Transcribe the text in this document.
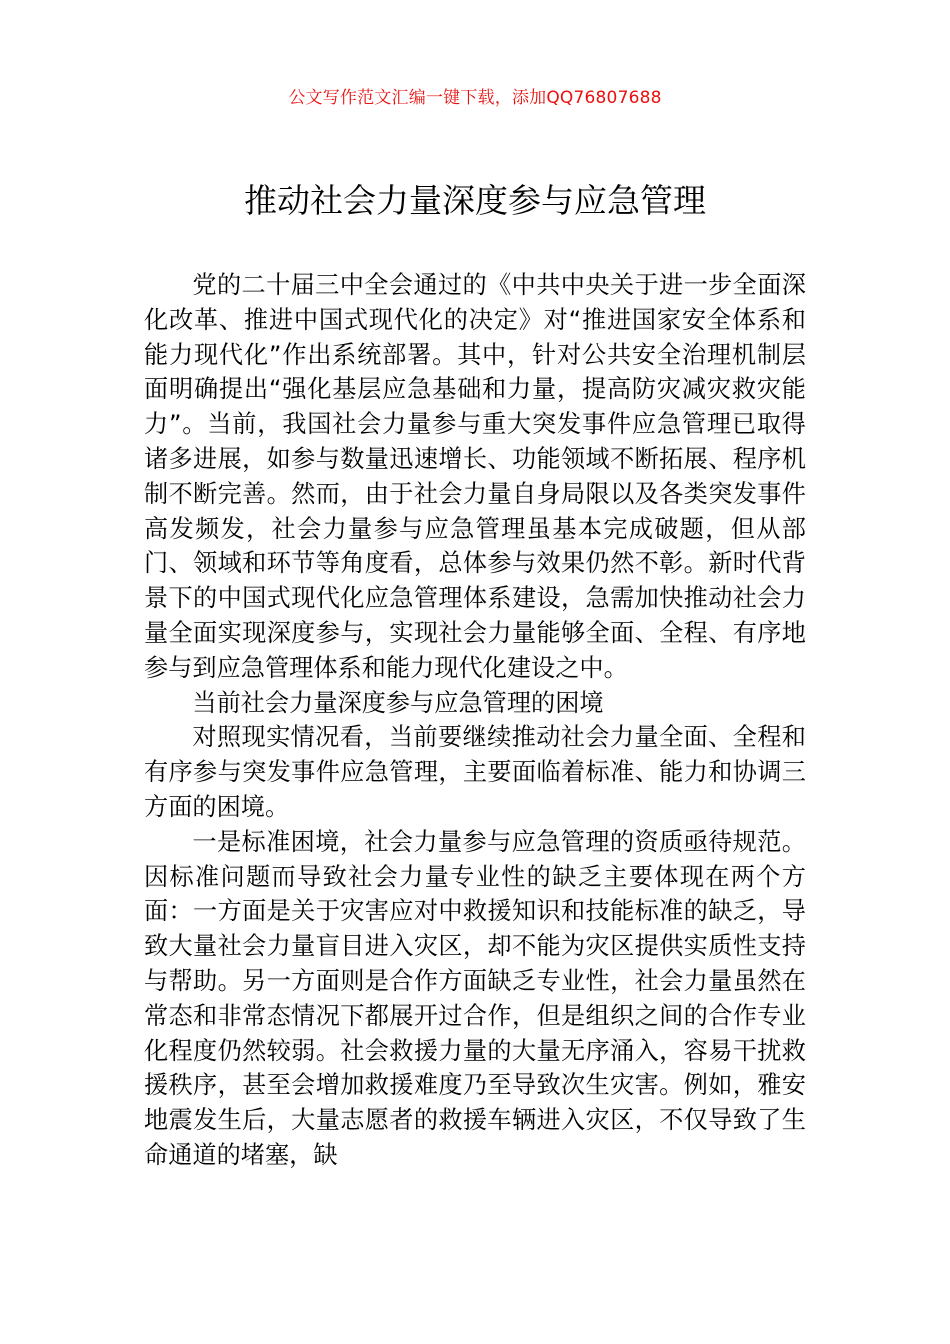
公文写作范文汇编一键下载，添加QQ76807688
推动社会力量深度参与应急管理

党的二十届三中全会通过的《中共中央关于进一步全面深化改革、推进中国式现代化的决定》对“推进国家安全体系和能力现代化”作出系统部署。其中，针对公共安全治理机制层面明确提出“强化基层应急基础和力量，提高防灾减灾救灾能力”。当前，我国社会力量参与重大突发事件应急管理已取得诸多进展，如参与数量迅速增长、功能领域不断拓展、程序机制不断完善。然而，由于社会力量自身局限以及各类突发事件高发频发，社会力量参与应急管理虽基本完成破题，但从部门、领域和环节等角度看，总体参与效果仍然不彰。新时代背景下的中国式现代化应急管理体系建设，急需加快推动社会力量全面实现深度参与，实现社会力量能够全面、全程、有序地参与到应急管理体系和能力现代化建设之中。

当前社会力量深度参与应急管理的困境

对照现实情况看，当前要继续推动社会力量全面、全程和有序参与突发事件应急管理，主要面临着标准、能力和协调三方面的困境。

一是标准困境，社会力量参与应急管理的资质亟待规范。因标准问题而导致社会力量专业性的缺乏主要体现在两个方面：一方面是关于灾害应对中救援知识和技能标准的缺乏，导致大量社会力量盲目进入灾区，却不能为灾区提供实质性支持与帮助。另一方面则是合作方面缺乏专业性，社会力量虽然在常态和非常态情况下都展开过合作，但是组织之间的合作专业化程度仍然较弱。社会救援力量的大量无序涌入，容易干扰救援秩序，甚至会增加救援难度乃至导致次生灾害。例如，雅安地震发生后，大量志愿者的救援车辆进入灾区，不仅导致了生命通道的堵塞，缺
